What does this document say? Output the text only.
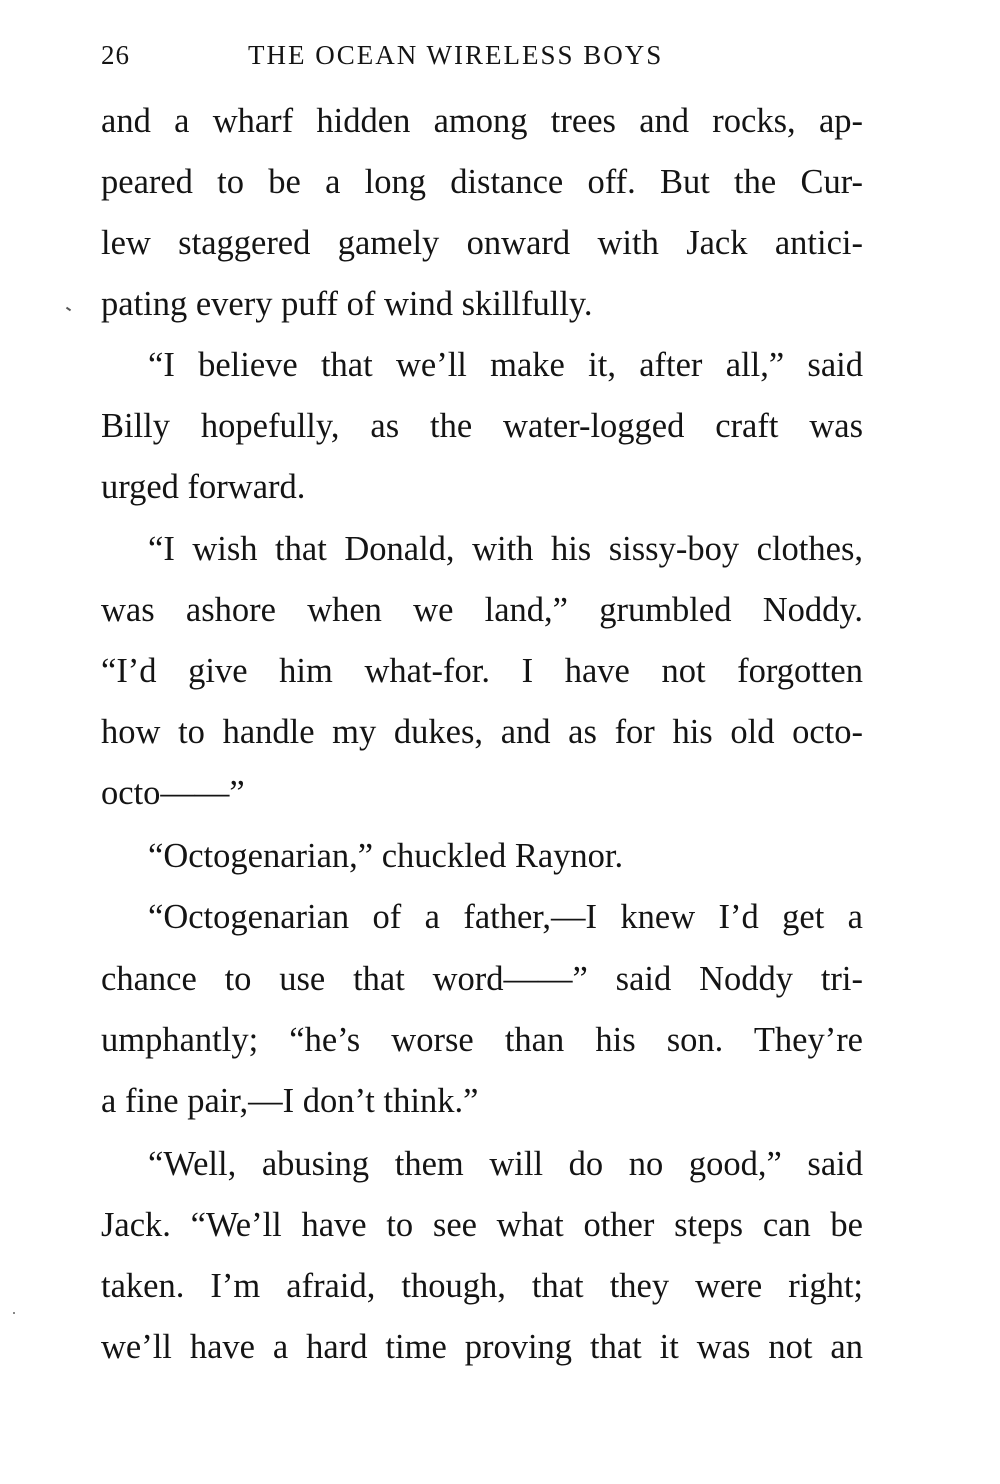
26	THE OCEAN WIRELESS BOYS
and a wharf hidden among trees and rocks, ap-
peared to be a long distance off. But the Cur-
lew staggered gamely onward with Jack antici-
pating every puff of wind skillfully.
“I believe that we’ll make it, after all,” said
Billy hopefully, as the water-logged craft was
urged forward.
“I wish that Donald, with his sissy-boy clothes,
was ashore when we land,” grumbled Noddy.
“I’d give him what-for. I have not forgotten
how to handle my dukes, and as for his old octo-
octo——”
“Octogenarian,” chuckled Raynor.
“Octogenarian of a father,—I knew I’d get a
chance to use that word——” said Noddy tri-
umphantly; “he’s worse than his son. They’re
a fine pair,—I don’t think.”
“Well, abusing them will do no good,” said
Jack. “We’ll have to see what other steps can be
taken. I’m afraid, though, that they were right;
we’ll have a hard time proving that it was not an
